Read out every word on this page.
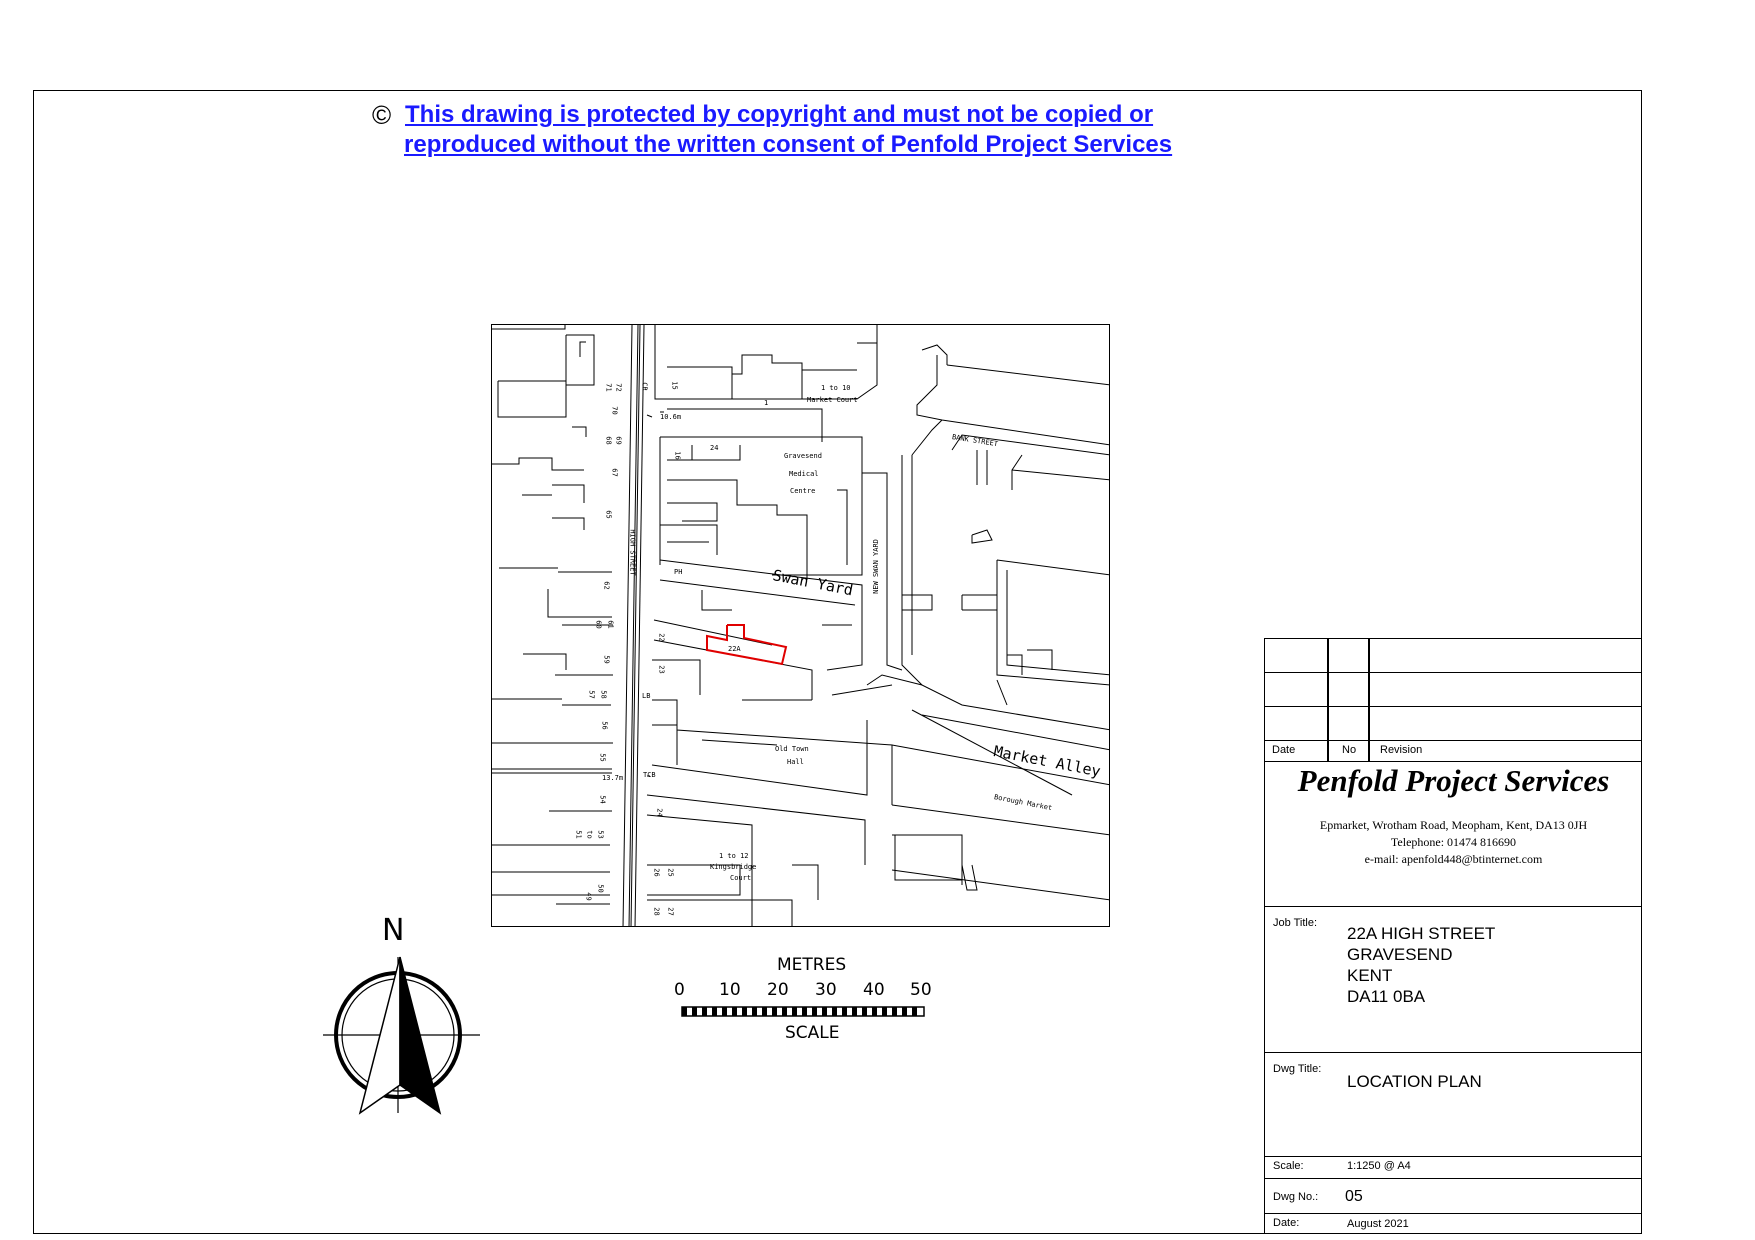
© This drawing is protected by copyright and must not be copied or
reproduced without the written consent of Penfold Project Services
1 to 10
Market Court
15
1
10.6m
BANK STREET
Gravesend
Medical
Centre
16
24
HIGH STREET	NEW SWAN YARD
Swan Yard
PH
22
22A
23
LB
Old Town
Hall	Market Alley
Borough Market
13.7m	TCB
24
1 to 12
Kingsbridge
Court
25
26
27
28
CR
71 72
70
68 69
67
65
62
60 61
59
57 58
56
55
54
51 to 53
49
50
N
METRES
0 10 20 30 40 50
SCALE
Date	No Revision
Penfold Project Services
Epmarket, Wrotham Road, Meopham, Kent, DA13 0JH
Telephone: 01474 816690
e-mail: apenfold448@btinternet.com
Job Title:
22A HIGH STREET
GRAVESEND
KENT
DA11 0BA
Dwg Title:
LOCATION PLAN
Scale:	1:1250 @ A4
Dwg No.: 05
Date:	August 2021
